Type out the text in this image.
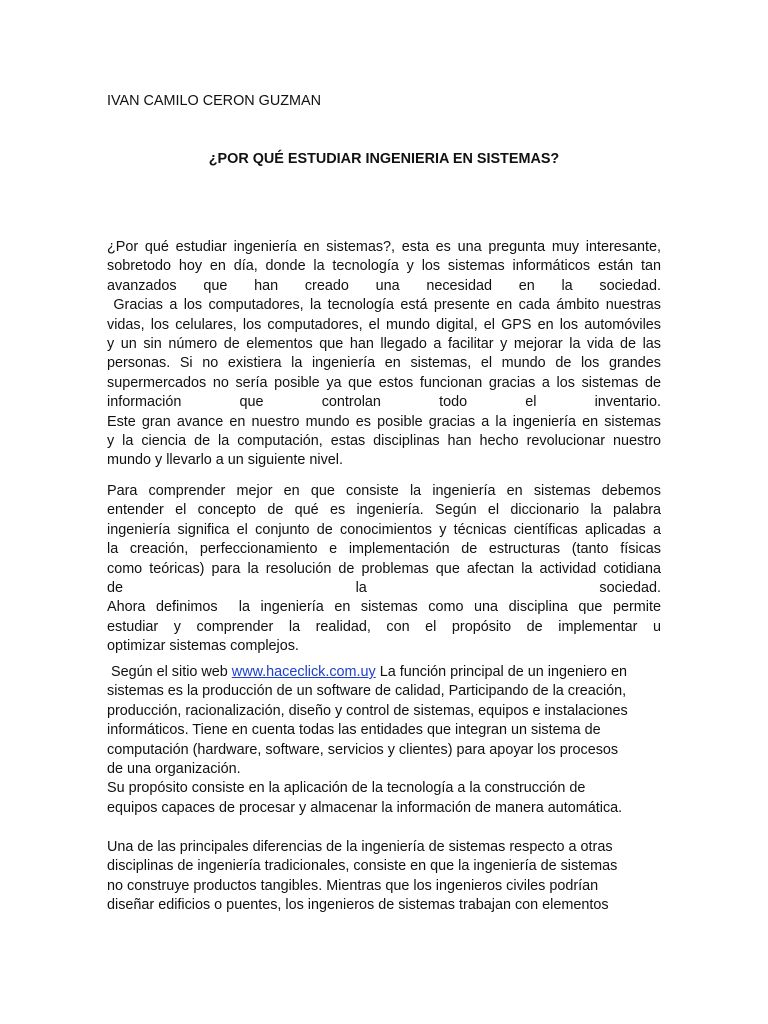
IVAN CAMILO CERON GUZMAN
¿POR QUÉ ESTUDIAR INGENIERIA EN SISTEMAS?
¿Por qué estudiar ingeniería en sistemas?, esta es una pregunta muy interesante,
sobretodo hoy en día, donde la tecnología y los sistemas informáticos están tan
avanzados que han creado una necesidad en la sociedad.
Gracias a los computadores, la tecnología está presente en cada ámbito nuestras
vidas, los celulares, los computadores, el mundo digital, el GPS en los automóviles
y un sin número de elementos que han llegado a facilitar y mejorar la vida de las
personas. Si no existiera la ingeniería en sistemas, el mundo de los grandes
supermercados no sería posible ya que estos funcionan gracias a los sistemas de
información que controlan todo el inventario.
Este gran avance en nuestro mundo es posible gracias a la ingeniería en sistemas
y la ciencia de la computación, estas disciplinas han hecho revolucionar nuestro
mundo y llevarlo a un siguiente nivel.
Para comprender mejor en que consiste la ingeniería en sistemas debemos
entender el concepto de qué es ingeniería. Según el diccionario la palabra
ingeniería significa el conjunto de conocimientos y técnicas científicas aplicadas a
la creación, perfeccionamiento e implementación de estructuras (tanto físicas
como teóricas) para la resolución de problemas que afectan la actividad cotidiana
de la sociedad.
Ahora definimos  la ingeniería en sistemas como una disciplina que permite
estudiar y comprender la realidad, con el propósito de implementar u
optimizar sistemas complejos.
Según el sitio web www.haceclick.com.uy La función principal de un ingeniero en
sistemas es la producción de un software de calidad, Participando de la creación,
producción, racionalización, diseño y control de sistemas, equipos e instalaciones
informáticos. Tiene en cuenta todas las entidades que integran un sistema de
computación (hardware, software, servicios y clientes) para apoyar los procesos
de una organización.
Su propósito consiste en la aplicación de la tecnología a la construcción de
equipos capaces de procesar y almacenar la información de manera automática.
Una de las principales diferencias de la ingeniería de sistemas respecto a otras
disciplinas de ingeniería tradicionales, consiste en que la ingeniería de sistemas
no construye productos tangibles. Mientras que los ingenieros civiles podrían
diseñar edificios o puentes, los ingenieros de sistemas trabajan con elementos
